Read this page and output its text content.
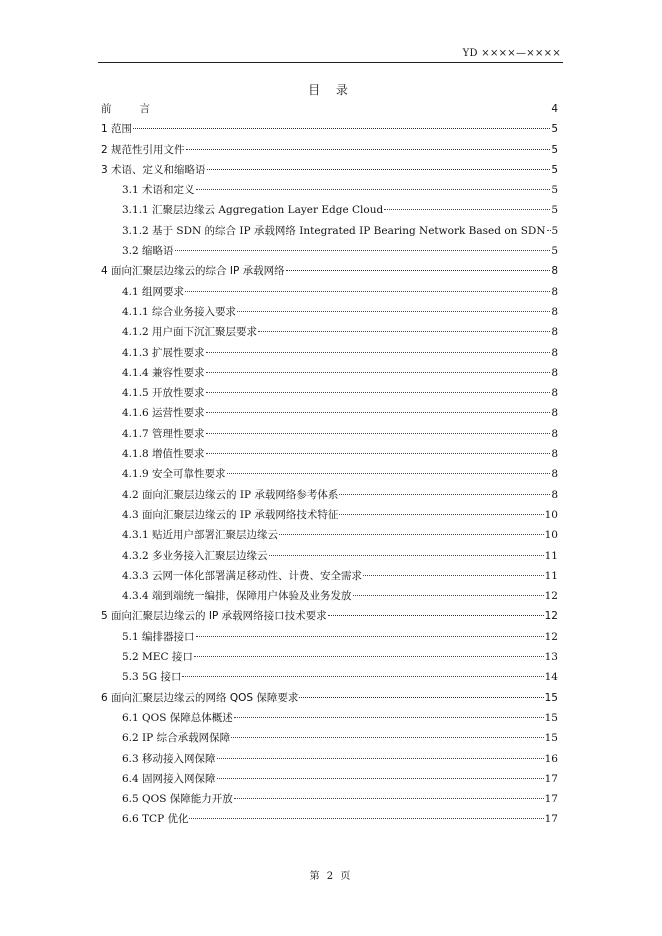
YD ××××—××××
目 录
前	言	4
1 范围	5
2 规范性引用文件	5
3 术语、定义和缩略语	5
3.1 术语和定义	5
3.1.1 汇聚层边缘云 Aggregation Layer Edge Cloud	5
3.1.2 基于 SDN 的综合 IP 承载网络 Integrated IP Bearing Network Based on SDN 5
3.2 缩略语	5
4 面向汇聚层边缘云的综合 IP 承载网络	8
4.1 组网要求	8
4.1.1 综合业务接入要求	8
4.1.2 用户面下沉汇聚层要求	8
4.1.3 扩展性要求	8
4.1.4 兼容性要求	8
4.1.5 开放性要求	8
4.1.6 运营性要求	8
4.1.7 管理性要求	8
4.1.8 增值性要求	8
4.1.9 安全可靠性要求	8
4.2 面向汇聚层边缘云的 IP 承载网络参考体系	8
4.3 面向汇聚层边缘云的 IP 承载网络技术特征	10
4.3.1 贴近用户部署汇聚层边缘云	10
4.3.2 多业务接入汇聚层边缘云	11
4.3.3 云网一体化部署满足移动性、计费、安全需求	11
4.3.4 端到端统一编排，保障用户体验及业务发放	12
5 面向汇聚层边缘云的 IP 承载网络接口技术要求	12
5.1 编排器接口	12
5.2 MEC 接口	13
5.3 5G 接口	14
6 面向汇聚层边缘云的网络 QOS 保障要求	15
6.1 QOS 保障总体概述	15
6.2 IP 综合承载网保障	15
6.3 移动接入网保障	16
6.4 固网接入网保障	17
6.5 QOS 保障能力开放	17
6.6 TCP 优化	17
第 2 页
